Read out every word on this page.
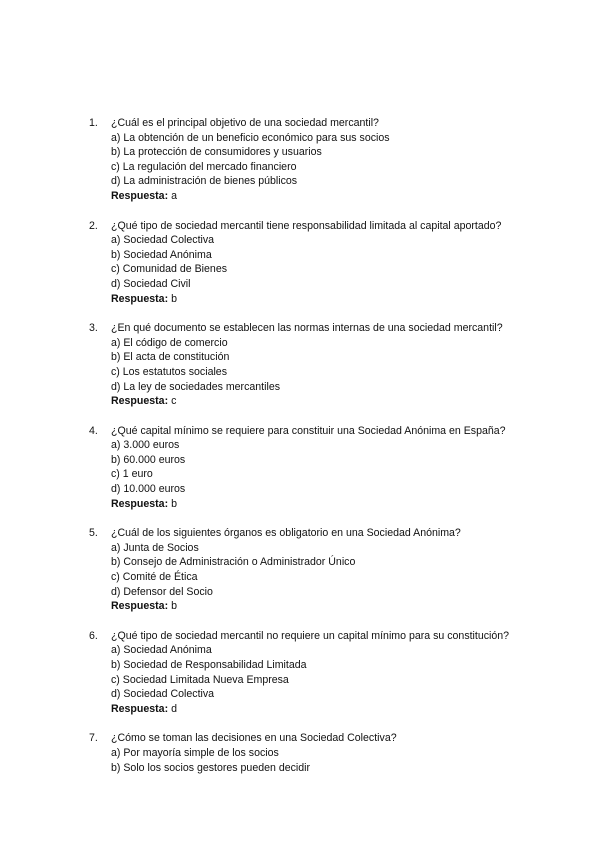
1.	¿Cuál es el principal objetivo de una sociedad mercantil?
a) La obtención de un beneficio económico para sus socios
b) La protección de consumidores y usuarios
c) La regulación del mercado financiero
d) La administración de bienes públicos
Respuesta: a
2.	¿Qué tipo de sociedad mercantil tiene responsabilidad limitada al capital aportado?
a) Sociedad Colectiva
b) Sociedad Anónima
c) Comunidad de Bienes
d) Sociedad Civil
Respuesta: b
3.	¿En qué documento se establecen las normas internas de una sociedad mercantil?
a) El código de comercio
b) El acta de constitución
c) Los estatutos sociales
d) La ley de sociedades mercantiles
Respuesta: c
4.	¿Qué capital mínimo se requiere para constituir una Sociedad Anónima en España?
a) 3.000 euros
b) 60.000 euros
c) 1 euro
d) 10.000 euros
Respuesta: b
5.	¿Cuál de los siguientes órganos es obligatorio en una Sociedad Anónima?
a) Junta de Socios
b) Consejo de Administración o Administrador Único
c) Comité de Ética
d) Defensor del Socio
Respuesta: b
6.	¿Qué tipo de sociedad mercantil no requiere un capital mínimo para su constitución?
a) Sociedad Anónima
b) Sociedad de Responsabilidad Limitada
c) Sociedad Limitada Nueva Empresa
d) Sociedad Colectiva
Respuesta: d
7.	¿Cómo se toman las decisiones en una Sociedad Colectiva?
a) Por mayoría simple de los socios
b) Solo los socios gestores pueden decidir
